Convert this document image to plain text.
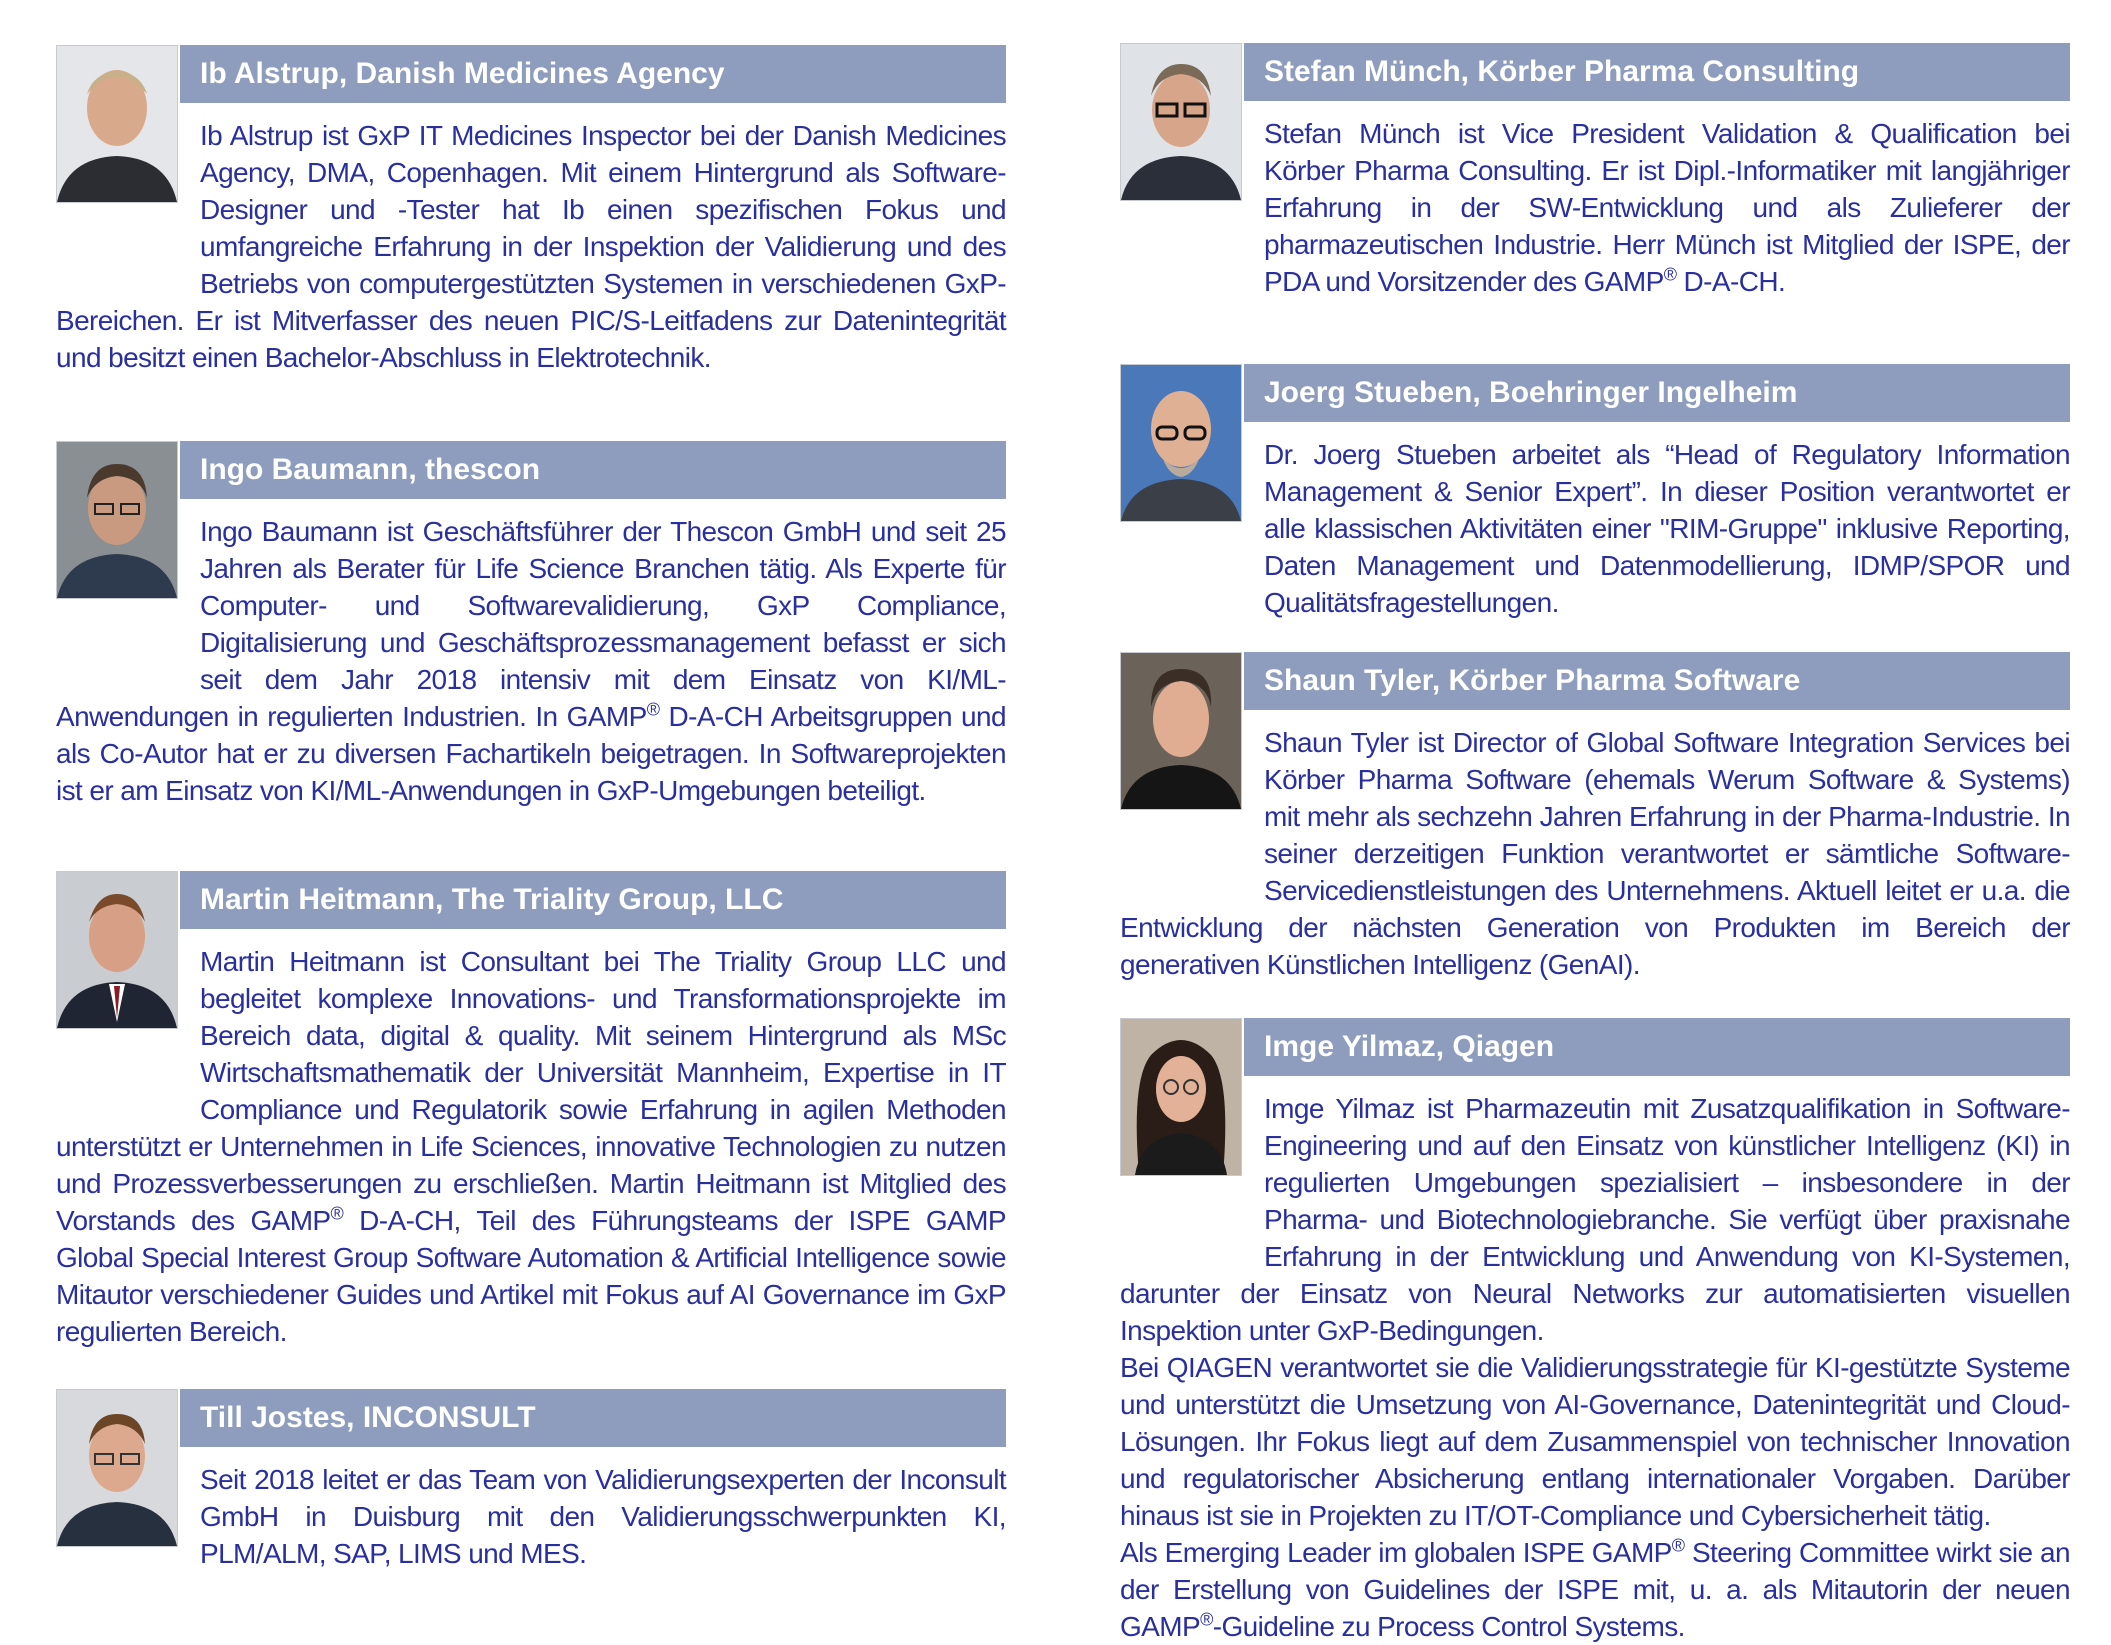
Ib Alstrup, Danish Medicines Agency

Ib Alstrup ist GxP IT Medicines Inspector bei der Danish Medicines Agency, DMA, Copenhagen. Mit einem Hintergrund als Software-Designer und -Tester hat Ib einen spezifischen Fokus und umfangreiche Erfahrung in der Inspektion der Validierung und des Betriebs von computergestützten Systemen in verschiedenen GxP-Bereichen. Er ist Mitverfasser des neuen PIC/S-Leitfadens zur Datenintegrität und besitzt einen Bachelor-Abschluss in Elektrotechnik.

Ingo Baumann, thescon

Ingo Baumann ist Geschäftsführer der Thescon GmbH und seit 25 Jahren als Berater für Life Science Branchen tätig. Als Experte für Computer- und Softwarevalidierung, GxP Compliance, Digitalisierung und Geschäftsprozessmanagement befasst er sich seit dem Jahr 2018 intensiv mit dem Einsatz von KI/ML-Anwendungen in regulierten Industrien. In GAMP® D-A-CH Arbeitsgruppen und als Co-Autor hat er zu diversen Fachartikeln beigetragen. In Softwareprojekten ist er am Einsatz von KI/ML-Anwendungen in GxP-Umgebungen beteiligt.

Martin Heitmann, The Triality Group, LLC

Martin Heitmann ist Consultant bei The Triality Group LLC und begleitet komplexe Innovations- und Transformationsprojekte im Bereich data, digital & quality. Mit seinem Hintergrund als MSc Wirtschaftsmathematik der Universität Mannheim, Expertise in IT Compliance und Regulatorik sowie Erfahrung in agilen Methoden unterstützt er Unternehmen in Life Sciences, innovative Technologien zu nutzen und Prozessverbesserungen zu erschließen. Martin Heitmann ist Mitglied des Vorstands des GAMP® D-A-CH, Teil des Führungsteams der ISPE GAMP Global Special Interest Group Software Automation & Artificial Intelligence sowie Mitautor verschiedener Guides und Artikel mit Fokus auf AI Governance im GxP regulierten Bereich.

Till Jostes, INCONSULT

Seit 2018 leitet er das Team von Validierungsexperten der Inconsult GmbH in Duisburg mit den Validierungsschwerpunkten KI, PLM/ALM, SAP, LIMS und MES.

Stefan Münch, Körber Pharma Consulting

Stefan Münch ist Vice President Validation & Qualification bei Körber Pharma Consulting. Er ist Dipl.-Informatiker mit langjähriger Erfahrung in der SW-Entwicklung und als Zulieferer der pharmazeutischen Industrie. Herr Münch ist Mitglied der ISPE, der PDA und Vorsitzender des GAMP® D-A-CH.

Joerg Stueben, Boehringer Ingelheim

Dr. Joerg Stueben arbeitet als “Head of Regulatory Information Management & Senior Expert”. In dieser Position verantwortet er alle klassischen Aktivitäten einer "RIM-Gruppe" inklusive Reporting, Daten Management und Datenmodellierung, IDMP/SPOR und Qualitätsfragestellungen.

Shaun Tyler, Körber Pharma Software

Shaun Tyler ist Director of Global Software Integration Services bei Körber Pharma Software (ehemals Werum Software & Systems) mit mehr als sechzehn Jahren Erfahrung in der Pharma-Industrie. In seiner derzeitigen Funktion verantwortet er sämtliche Software-Servicedienstleistungen des Unternehmens. Aktuell leitet er u.a. die Entwicklung der nächsten Generation von Produkten im Bereich der generativen Künstlichen Intelligenz (GenAI).

Imge Yilmaz, Qiagen

Imge Yilmaz ist Pharmazeutin mit Zusatzqualifikation in Software-Engineering und auf den Einsatz von künstlicher Intelligenz (KI) in regulierten Umgebungen spezialisiert – insbesondere in der Pharma- und Biotechnologiebranche. Sie verfügt über praxisnahe Erfahrung in der Entwicklung und Anwendung von KI-Systemen, darunter der Einsatz von Neural Networks zur automatisierten visuellen Inspektion unter GxP-Bedingungen.

Bei QIAGEN verantwortet sie die Validierungsstrategie für KI-gestützte Systeme und unterstützt die Umsetzung von AI-Governance, Datenintegrität und Cloud-Lösungen. Ihr Fokus liegt auf dem Zusammenspiel von technischer Innovation und regulatorischer Absicherung entlang internationaler Vorgaben. Darüber hinaus ist sie in Projekten zu IT/OT-Compliance und Cybersicherheit tätig.

Als Emerging Leader im globalen ISPE GAMP® Steering Committee wirkt sie an der Erstellung von Guidelines der ISPE mit, u. a. als Mitautorin der neuen GAMP®-Guideline zu Process Control Systems.
